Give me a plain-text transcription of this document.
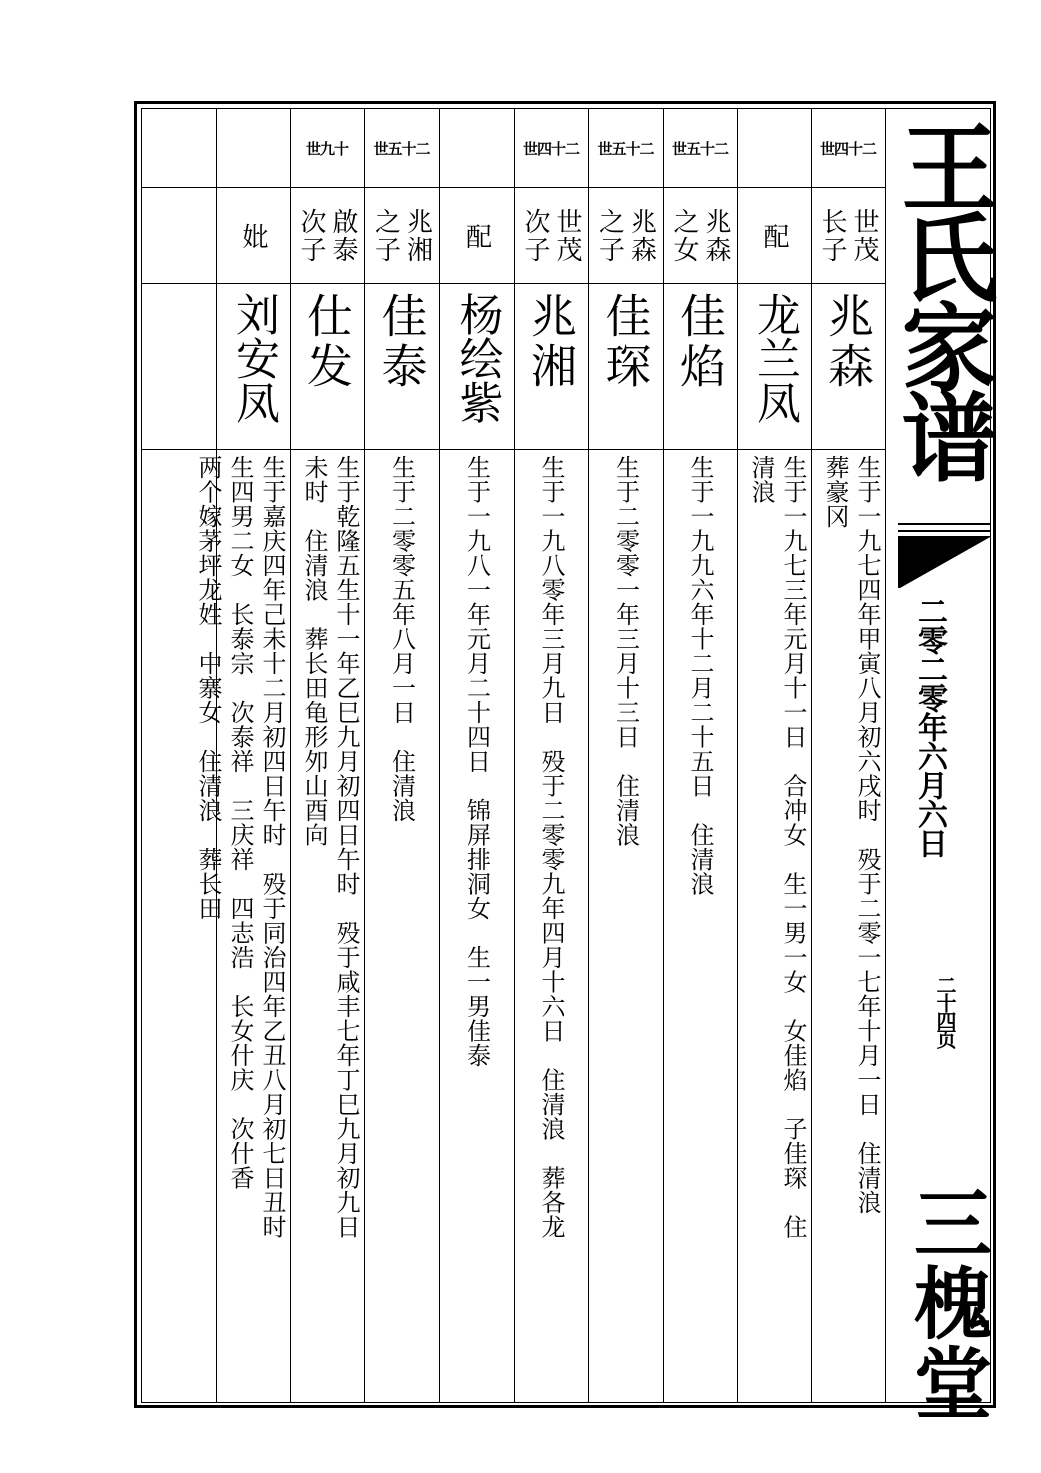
世四十二
世茂
长子
兆森
生于一九七四年甲寅八月初六戌时　殁于二零一七年十月一日　住清浪
葬豪冈
配
龙兰凤
生于一九七三年元月十一日　合冲女　生一男一女　女佳焰　子佳琛　住
清浪
世五十二
兆森
之女
佳焰
生于一九九六年十二月二十五日　住清浪
世五十二
兆森
之子
佳琛
生于二零零一年三月十三日　住清浪
世四十二
世茂
次子
兆湘
生于一九八零年三月九日　殁于二零零九年四月十六日　住清浪　葬各龙
配
杨绘紫
生于一九八一年元月二十四日　锦屏排洞女　生一男佳泰
世五十二
兆湘
之子
佳泰
生于二零零五年八月一日　住清浪
世九十
啟泰
次子
仕发
生于乾隆五生十一年乙巳九月初四日午时　殁于咸丰七年丁巳九月初九日
未时　住清浪　葬长田龟形夘山酉向
妣
刘安凤
生于嘉庆四年己未十二月初四日午时　殁于同治四年乙丑八月初七日丑时
生四男二女　长泰宗　次泰祥　三庆祥　四志浩　长女什庆　次什香
两个嫁茅坪龙姓　中寨女　住清浪　葬长田
王氏家谱
二零二零年六月六日
二十四页
三槐堂
